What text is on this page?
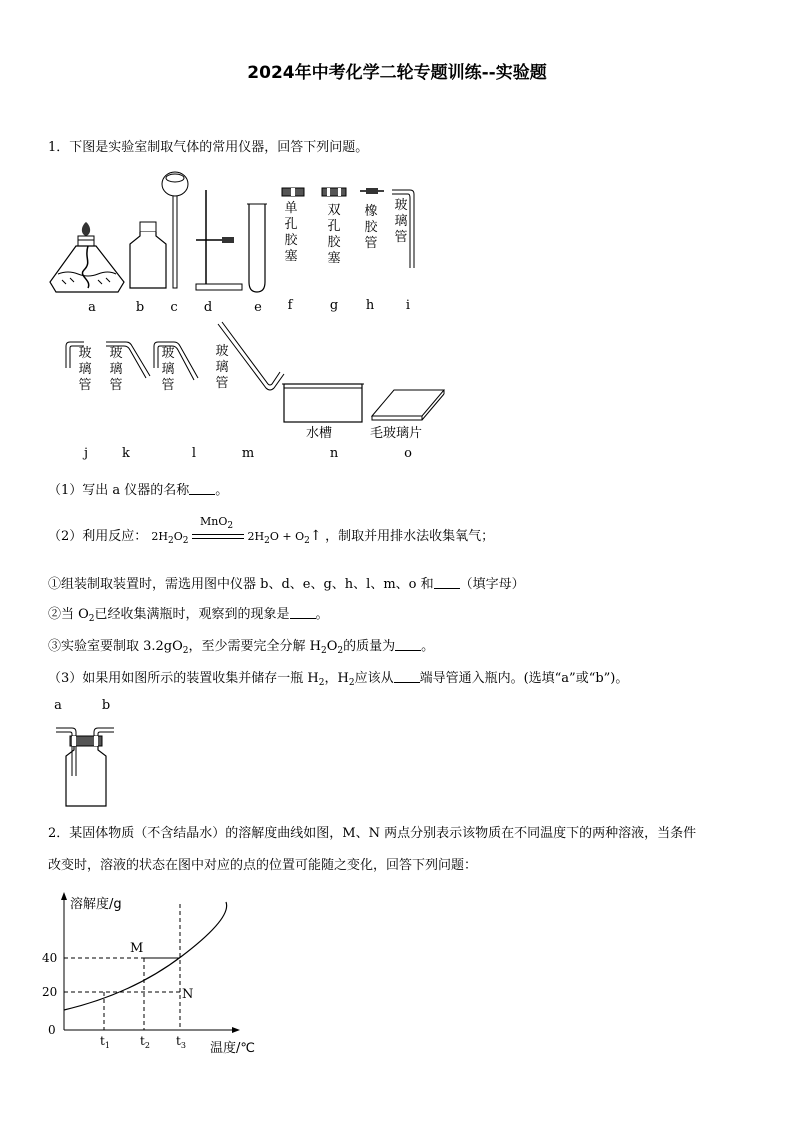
2024年中考化学二轮专题训练--实验题
1．下图是实验室制取气体的常用仪器，回答下列问题。
单孔胶塞
双孔胶塞
橡胶管
玻璃管
a	b	c	d	e	f	g	h	i
玻璃管
玻璃管
玻璃管
玻璃管
水槽	毛玻璃片
j	k	l	m	n	o
（1）写出 a 仪器的名称 。
（2）利用反应： $2H_2O_2$
MnO$_2$
$2H_2O$ + $O_2↑$ ，制取并用排水法收集氧气；
①组装制取装置时，需选用图中仪器 b、d、e、g、h、l、m、o 和 （填字母）
②当 $O_2$已经收集满瓶时，观察到的现象是 。
③实验室要制取 $3.2gO_2$，至少需要完全分解 $H_2O_2$的质量为 。
（3）如果用如图所示的装置收集并储存一瓶 $H_2$，$H_2$应该从 端导管通入瓶内。(选填“a”或“b”)。
a	b
2．某固体物质（不含结晶水）的溶解度曲线如图，M、N 两点分别表示该物质在不同温度下的两种溶液，当条件
改变时，溶液的状态在图中对应的点的位置可能随之变化，回答下列问题：
溶解度/g
40
20
0
M
N
$t_1$	$t_2$ $t_3$ 温度/℃
